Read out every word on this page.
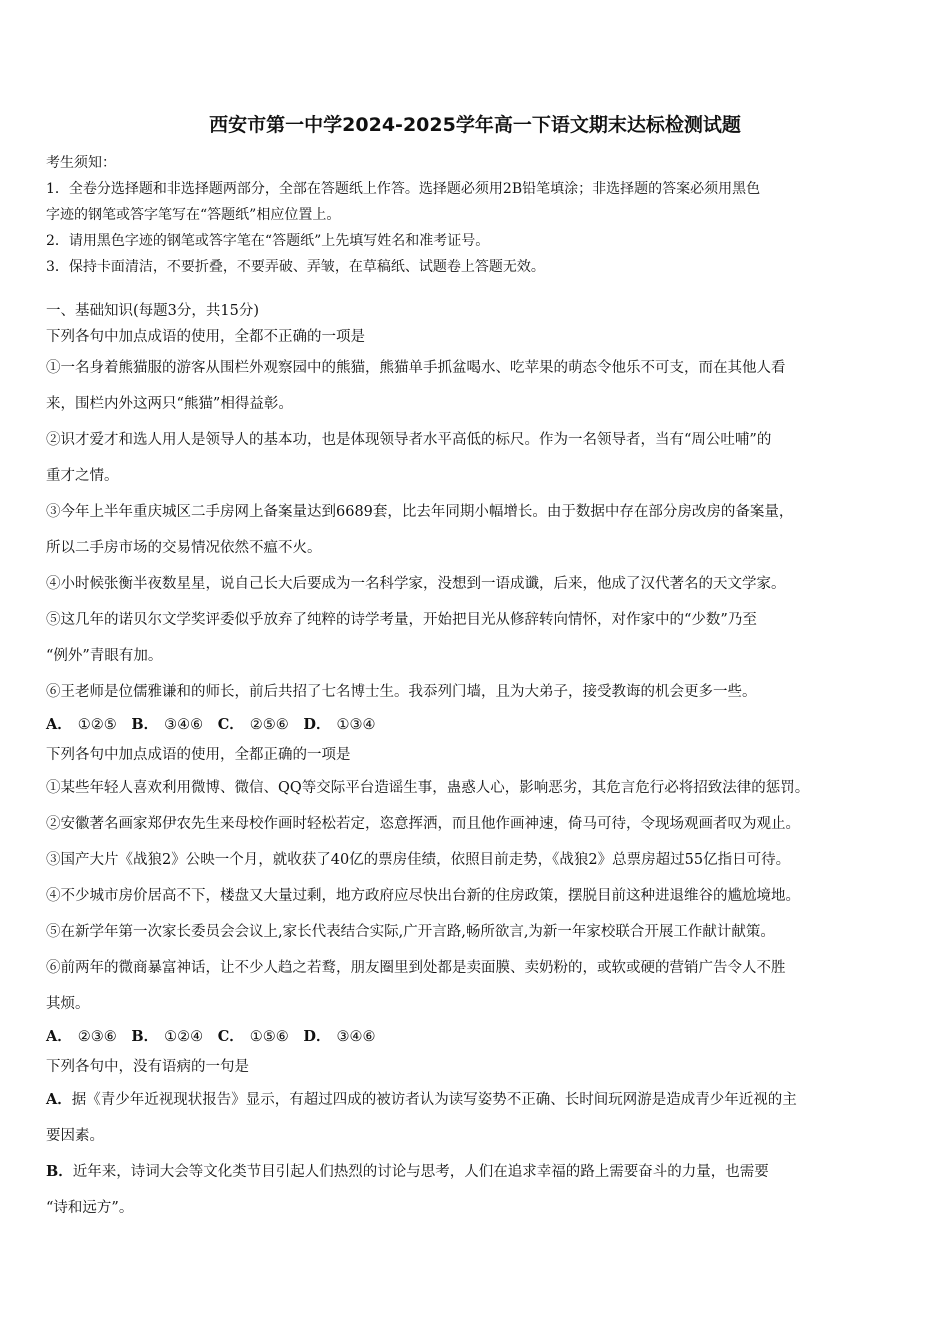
西安市第一中学2024-2025学年高一下语文期末达标检测试题
考生须知：
1．全卷分选择题和非选择题两部分，全部在答题纸上作答。选择题必须用2B铅笔填涂；非选择题的答案必须用黑色
字迹的钢笔或答字笔写在“答题纸”相应位置上。
2．请用黑色字迹的钢笔或答字笔在“答题纸”上先填写姓名和准考证号。
3．保持卡面清洁，不要折叠，不要弄破、弄皱，在草稿纸、试题卷上答题无效。
一、基础知识(每题3分，共15分)
下列各句中加点成语的使用，全都不正确的一项是
①一名身着熊猫服的游客从围栏外观察园中的熊猫，熊猫单手抓盆喝水、吃苹果的萌态令他乐不可支，而在其他人看
来，围栏内外这两只“熊猫”相得益彰。
②识才爱才和选人用人是领导人的基本功，也是体现领导者水平高低的标尺。作为一名领导者，当有“周公吐哺”的
重才之情。
③今年上半年重庆城区二手房网上备案量达到6689套，比去年同期小幅增长。由于数据中存在部分房改房的备案量，
所以二手房市场的交易情况依然不瘟不火。
④小时候张衡半夜数星星，说自己长大后要成为一名科学家，没想到一语成谶，后来，他成了汉代著名的天文学家。
⑤这几年的诺贝尔文学奖评委似乎放弃了纯粹的诗学考量，开始把目光从修辞转向情怀，对作家中的“少数”乃至
“例外”青眼有加。
⑥王老师是位儒雅谦和的师长，前后共招了七名博士生。我忝列门墙，且为大弟子，接受教诲的机会更多一些。
A． ①②⑤ B． ③④⑥ C． ②⑤⑥ D． ①③④
下列各句中加点成语的使用，全都正确的一项是
①某些年轻人喜欢利用微博、微信、QQ等交际平台造谣生事，蛊惑人心，影响恶劣，其危言危行必将招致法律的惩罚。
②安徽著名画家郑伊农先生来母校作画时轻松若定，恣意挥洒，而且他作画神速，倚马可待，令现场观画者叹为观止。
③国产大片《战狼2》公映一个月，就收获了40亿的票房佳绩，依照目前走势，《战狼2》总票房超过55亿指日可待。
④不少城市房价居高不下，楼盘又大量过剩，地方政府应尽快出台新的住房政策，摆脱目前这种进退维谷的尴尬境地。
⑤在新学年第一次家长委员会会议上,家长代表结合实际,广开言路,畅所欲言,为新一年家校联合开展工作献计献策。
⑥前两年的微商暴富神话，让不少人趋之若鹜，朋友圈里到处都是卖面膜、卖奶粉的，或软或硬的营销广告令人不胜
其烦。
A． ②③⑥ B． ①②④ C． ①⑤⑥ D． ③④⑥
下列各句中，没有语病的一句是
A．据《青少年近视现状报告》显示，有超过四成的被访者认为读写姿势不正确、长时间玩网游是造成青少年近视的主
要因素。
B．近年来，诗词大会等文化类节目引起人们热烈的讨论与思考，人们在追求幸福的路上需要奋斗的力量，也需要
“诗和远方”。
